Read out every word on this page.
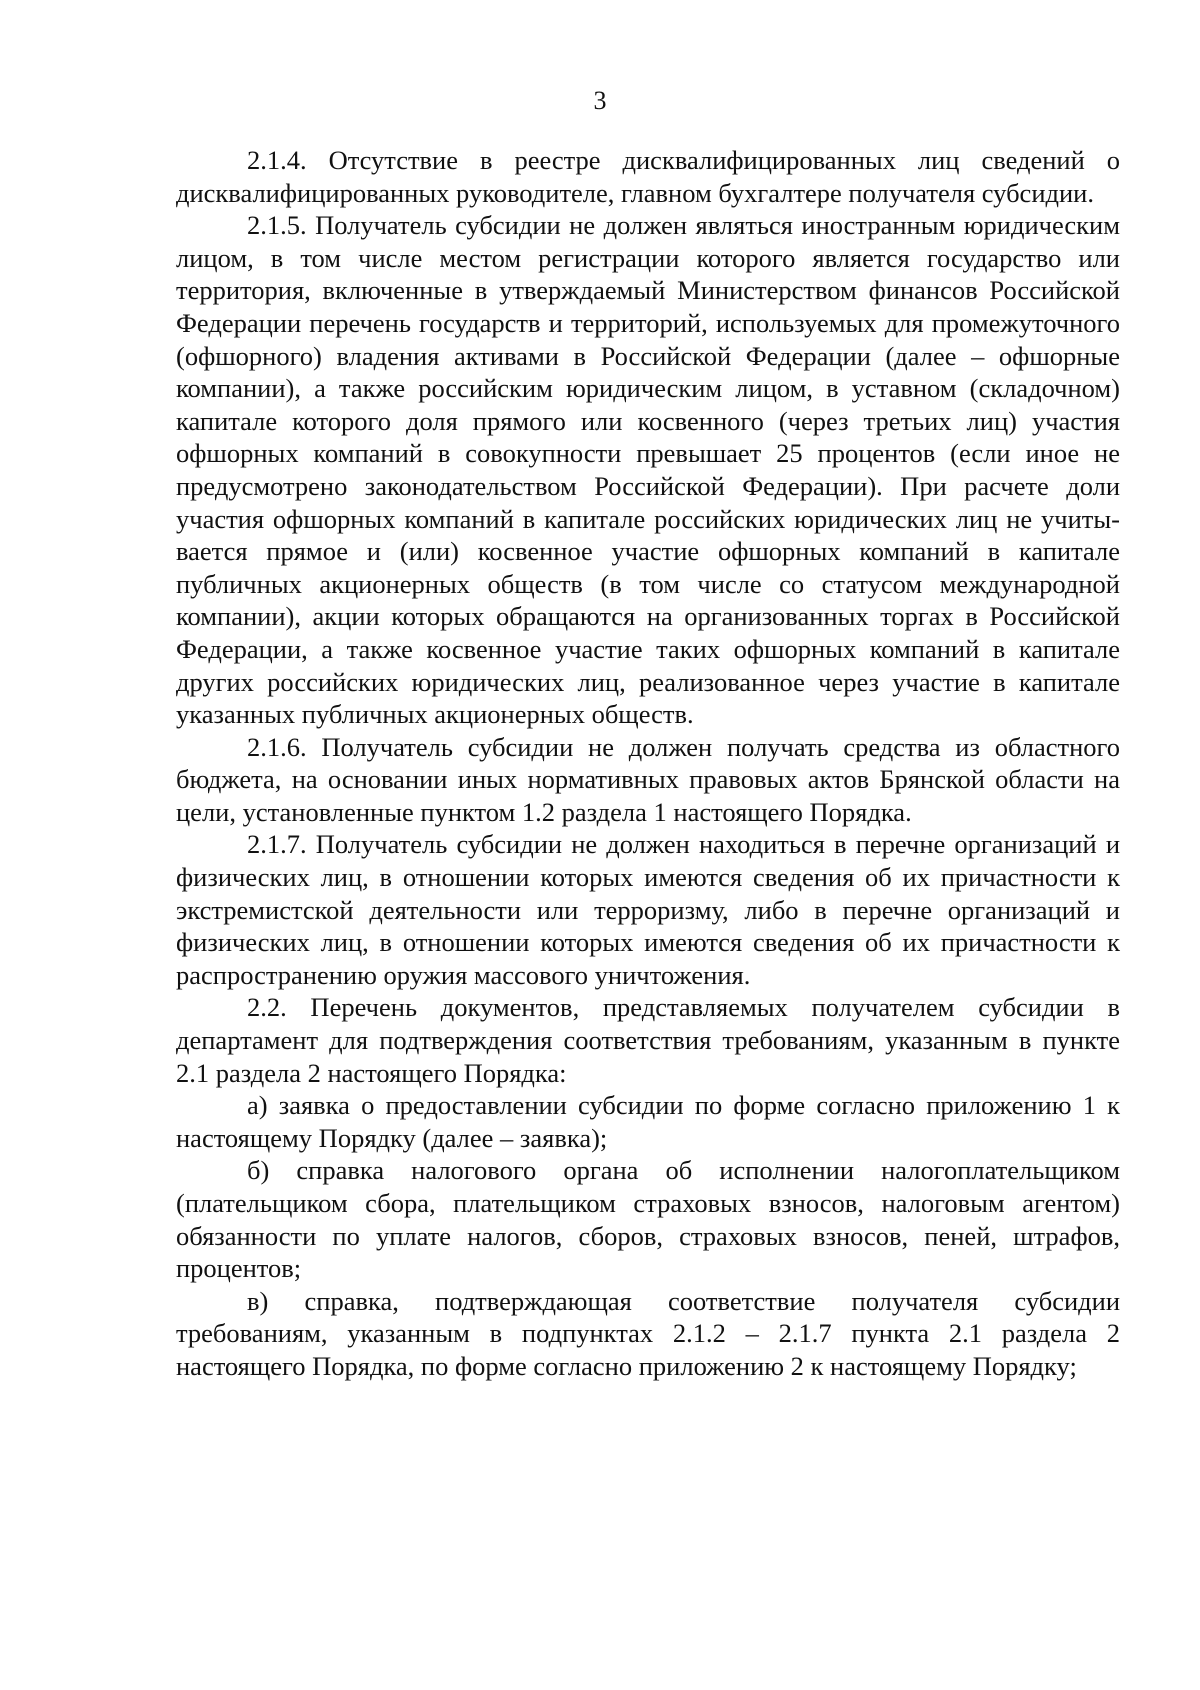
3

2.1.4. Отсутствие в реестре дисквалифицированных лиц сведений о дисквалифицированных руководителе, главном бухгалтере получателя субсидии.

2.1.5. Получатель субсидии не должен являться иностранным юридическим лицом, в том числе местом регистрации которого является государство или территория, включенные в утверждаемый Министерством финансов Российской Федерации перечень государств и территорий, используемых для промежуточного (офшорного) владения активами в Российской Федерации (далее – офшорные компании), а также российским юридическим лицом, в уставном (складочном) капитале которого доля прямого или косвенного (через третьих лиц) участия офшорных компаний в совокупности превышает 25 процентов (если иное не предусмотрено законодательством Российской Федерации). При расчете доли участия офшорных компаний в капитале российских юридических лиц не учитывается прямое и (или) косвенное участие офшорных компаний в капитале публичных акционерных обществ (в том числе со статусом международной компании), акции которых обращаются на организованных торгах в Российской Федерации, а также косвенное участие таких офшорных компаний в капитале других российских юридических лиц, реализованное через участие в капитале указанных публичных акционерных обществ.

2.1.6. Получатель субсидии не должен получать средства из областного бюджета, на основании иных нормативных правовых актов Брянской области на цели, установленные пунктом 1.2 раздела 1 настоящего Порядка.

2.1.7. Получатель субсидии не должен находиться в перечне организаций и физических лиц, в отношении которых имеются сведения об их причастности к экстремистской деятельности или терроризму, либо в перечне организаций и физических лиц, в отношении которых имеются сведения об их причастности к распространению оружия массового уничтожения.

2.2. Перечень документов, представляемых получателем субсидии в департамент для подтверждения соответствия требованиям, указанным в пункте 2.1 раздела 2 настоящего Порядка:

а) заявка о предоставлении субсидии по форме согласно приложению 1 к настоящему Порядку (далее – заявка);

б) справка налогового органа об исполнении налогоплательщиком (плательщиком сбора, плательщиком страховых взносов, налоговым агентом) обязанности по уплате налогов, сборов, страховых взносов, пеней, штрафов, процентов;

в) справка, подтверждающая соответствие получателя субсидии требованиям, указанным в подпунктах 2.1.2 – 2.1.7 пункта 2.1 раздела 2 настоящего Порядка, по форме согласно приложению 2 к настоящему Порядку;
